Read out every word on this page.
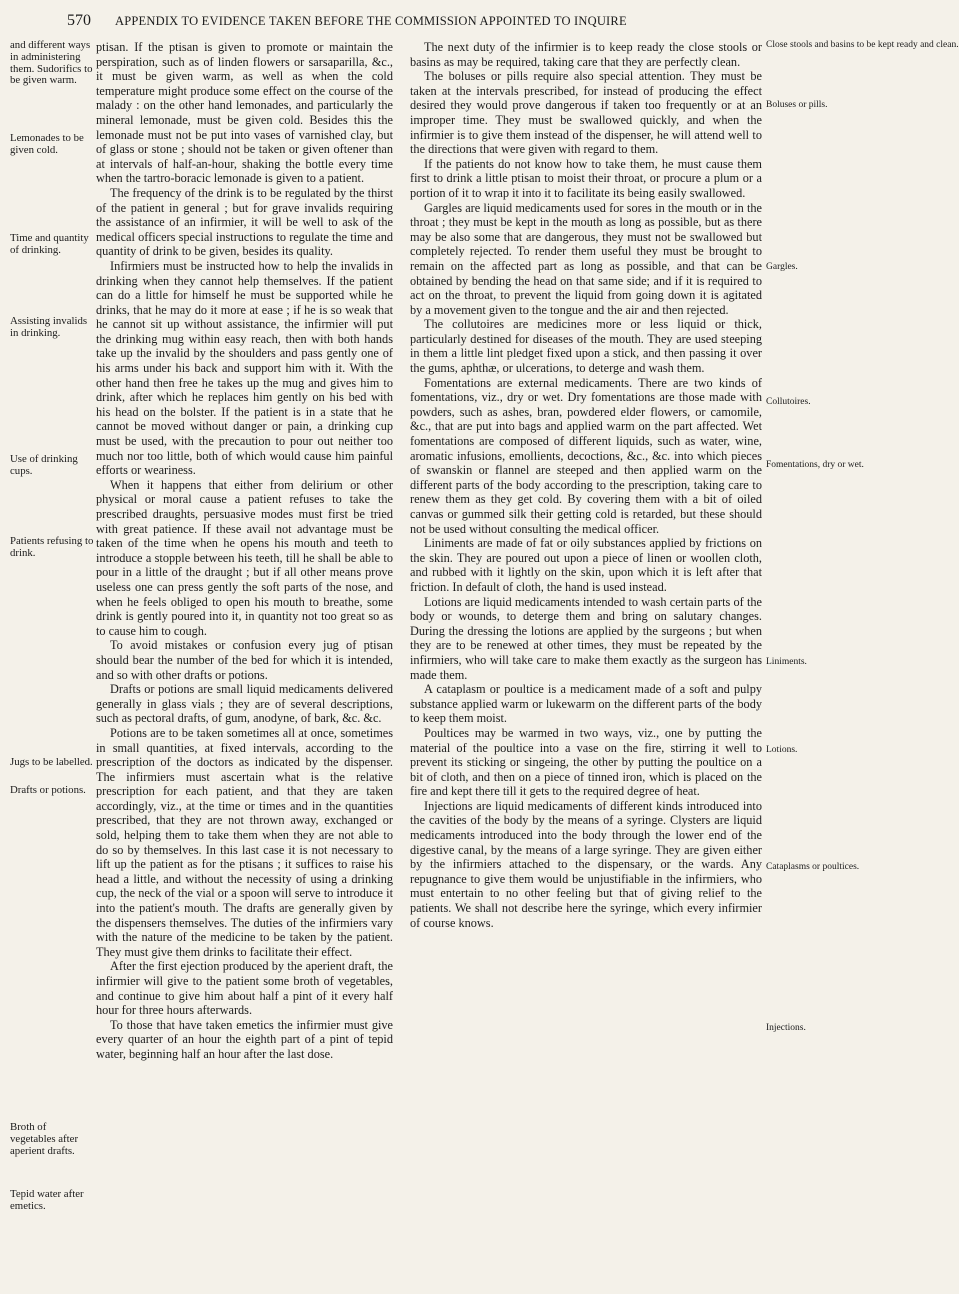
570 APPENDIX TO EVIDENCE TAKEN BEFORE THE COMMISSION APPOINTED TO INQUIRE
and different ways in administering them. Sudorifics to be given warm.
Lemonades to be given cold.
Time and quantity of drinking.
Assisting invalids in drinking.
Use of drinking cups.
Patients refusing to drink.
Jugs to be labelled.
Drafts or potions.
Broth of vegetables after aperient drafts.
Tepid water after emetics.

ptisan. If the ptisan is given to promote or maintain the perspiration, such as of linden flowers or sarsaparilla, &c., it must be given warm, as well as when the cold temperature might produce some effect on the course of the malady : on the other hand lemonades, and particularly the mineral lemonade, must be given cold. Besides this the lemonade must not be put into vases of varnished clay, but of glass or stone ; should not be taken or given oftener than at intervals of half-an-hour, shaking the bottle every time when the tartro-boracic lemonade is given to a patient.

The frequency of the drink is to be regulated by the thirst of the patient in general ; but for grave invalids requiring the assistance of an infirmier, it will be well to ask of the medical officers special instructions to regulate the time and quantity of drink to be given, besides its quality.

Infirmiers must be instructed how to help the invalids in drinking when they cannot help themselves. If the patient can do a little for himself he must be supported while he drinks, that he may do it more at ease ; if he is so weak that he cannot sit up without assistance, the infirmier will put the drinking mug within easy reach, then with both hands take up the invalid by the shoulders and pass gently one of his arms under his back and support him with it. With the other hand then free he takes up the mug and gives him to drink, after which he replaces him gently on his bed with his head on the bolster. If the patient is in a state that he cannot be moved without danger or pain, a drinking cup must be used, with the precaution to pour out neither too much nor too little, both of which would cause him painful efforts or weariness.

When it happens that either from delirium or other physical or moral cause a patient refuses to take the prescribed draughts, persuasive modes must first be tried with great patience. If these avail not advantage must be taken of the time when he opens his mouth and teeth to introduce a stopple between his teeth, till he shall be able to pour in a little of the draught ; but if all other means prove useless one can press gently the soft parts of the nose, and when he feels obliged to open his mouth to breathe, some drink is gently poured into it, in quantity not too great so as to cause him to cough.

To avoid mistakes or confusion every jug of ptisan should bear the number of the bed for which it is intended, and so with other drafts or potions.

Drafts or potions are small liquid medicaments delivered generally in glass vials ; they are of several descriptions, such as pectoral drafts, of gum, anodyne, of bark, &c. &c.

Potions are to be taken sometimes all at once, sometimes in small quantities, at fixed intervals, according to the prescription of the doctors as indicated by the dispenser. The infirmiers must ascertain what is the relative prescription for each patient, and that they are taken accordingly, viz., at the time or times and in the quantities prescribed, that they are not thrown away, exchanged or sold, helping them to take them when they are not able to do so by themselves. In this last case it is not necessary to lift up the patient as for the ptisans ; it suffices to raise his head a little, and without the necessity of using a drinking cup, the neck of the vial or a spoon will serve to introduce it into the patient's mouth. The drafts are generally given by the dispensers themselves. The duties of the infirmiers vary with the nature of the medicine to be taken by the patient. They must give them drinks to facilitate their effect.

After the first ejection produced by the aperient draft, the infirmier will give to the patient some broth of vegetables, and continue to give him about half a pint of it every half hour for three hours afterwards.

To those that have taken emetics the infirmier must give every quarter of an hour the eighth part of a pint of tepid water, beginning half an hour after the last dose.

The next duty of the infirmier is to keep ready the close stools or basins as may be required, taking care that they are perfectly clean.

The boluses or pills require also special attention. They must be taken at the intervals prescribed, for instead of producing the effect desired they would prove dangerous if taken too frequently or at an improper time. They must be swallowed quickly, and when the infirmier is to give them instead of the dispenser, he will attend well to the directions that were given with regard to them.

If the patients do not know how to take them, he must cause them first to drink a little ptisan to moist their throat, or procure a plum or a portion of it to wrap it into it to facilitate its being easily swallowed.

Gargles are liquid medicaments used for sores in the mouth or in the throat ; they must be kept in the mouth as long as possible, but as there may be also some that are dangerous, they must not be swallowed but completely rejected. To render them useful they must be brought to remain on the affected part as long as possible, and that can be obtained by bending the head on that same side; and if it is required to act on the throat, to prevent the liquid from going down it is agitated by a movement given to the tongue and the air and then rejected.

The collutoires are medicines more or less liquid or thick, particularly destined for diseases of the mouth. They are used steeping in them a little lint pledget fixed upon a stick, and then passing it over the gums, aphthæ, or ulcerations, to deterge and wash them.

Fomentations are external medicaments. There are two kinds of fomentations, viz., dry or wet. Dry fomentations are those made with powders, such as ashes, bran, powdered elder flowers, or camomile, &c., that are put into bags and applied warm on the part affected. Wet fomentations are composed of different liquids, such as water, wine, aromatic infusions, emollients, decoctions, &c., &c. into which pieces of swanskin or flannel are steeped and then applied warm on the different parts of the body according to the prescription, taking care to renew them as they get cold. By covering them with a bit of oiled canvas or gummed silk their getting cold is retarded, but these should not be used without consulting the medical officer.

Liniments are made of fat or oily substances applied by frictions on the skin. They are poured out upon a piece of linen or woollen cloth, and rubbed with it lightly on the skin, upon which it is left after that friction. In default of cloth, the hand is used instead.

Lotions are liquid medicaments intended to wash certain parts of the body or wounds, to deterge them and bring on salutary changes. During the dressing the lotions are applied by the surgeons ; but when they are to be renewed at other times, they must be repeated by the infirmiers, who will take care to make them exactly as the surgeon has made them.

A cataplasm or poultice is a medicament made of a soft and pulpy substance applied warm or lukewarm on the different parts of the body to keep them moist.

Poultices may be warmed in two ways, viz., one by putting the material of the poultice into a vase on the fire, stirring it well to prevent its sticking or singeing, the other by putting the poultice on a bit of cloth, and then on a piece of tinned iron, which is placed on the fire and kept there till it gets to the required degree of heat.

Injections are liquid medicaments of different kinds introduced into the cavities of the body by the means of a syringe. Clysters are liquid medicaments introduced into the body through the lower end of the digestive canal, by the means of a large syringe. They are given either by the infirmiers attached to the dispensary, or the wards. Any repugnance to give them would be unjustifiable in the infirmiers, who must entertain to no other feeling but that of giving relief to the patients. We shall not describe here the syringe, which every infirmier of course knows.

Close stools and basins to be kept ready and clean.
Boluses or pills.
Gargles.
Collutoires.
Fomentations, dry or wet.
Liniments.
Lotions.
Cataplasms or poultices.
Injections.
